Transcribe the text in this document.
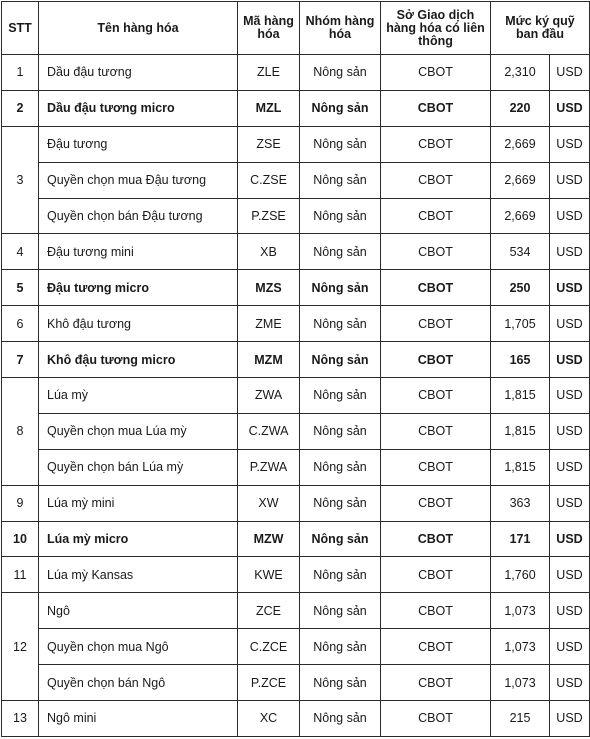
STT	Tên hàng hóa	Mã hàng hóa	Nhóm hàng hóa	Sở Giao dịch hàng hóa có liên thông	Mức ký quỹ ban đầu	
1	Dầu đậu tương	ZLE	Nông sản	CBOT	2,310	USD
2	Dầu đậu tương micro	MZL	Nông sản	CBOT	220	USD
3	Đậu tương	ZSE	Nông sản	CBOT	2,669	USD
	Quyền chọn mua Đậu tương	C.ZSE	Nông sản	CBOT	2,669	USD
	Quyền chọn bán Đậu tương	P.ZSE	Nông sản	CBOT	2,669	USD
4	Đậu tương mini	XB	Nông sản	CBOT	534	USD
5	Đậu tương micro	MZS	Nông sản	CBOT	250	USD
6	Khô đậu tương	ZME	Nông sản	CBOT	1,705	USD
7	Khô đậu tương micro	MZM	Nông sản	CBOT	165	USD
8	Lúa mỳ	ZWA	Nông sản	CBOT	1,815	USD
	Quyền chọn mua Lúa mỳ	C.ZWA	Nông sản	CBOT	1,815	USD
	Quyền chọn bán Lúa mỳ	P.ZWA	Nông sản	CBOT	1,815	USD
9	Lúa mỳ mini	XW	Nông sản	CBOT	363	USD
10	Lúa mỳ micro	MZW	Nông sản	CBOT	171	USD
11	Lúa mỳ Kansas	KWE	Nông sản	CBOT	1,760	USD
12	Ngô	ZCE	Nông sản	CBOT	1,073	USD
	Quyền chọn mua Ngô	C.ZCE	Nông sản	CBOT	1,073	USD
	Quyền chọn bán Ngô	P.ZCE	Nông sản	CBOT	1,073	USD
13	Ngô mini	XC	Nông sản	CBOT	215	USD
